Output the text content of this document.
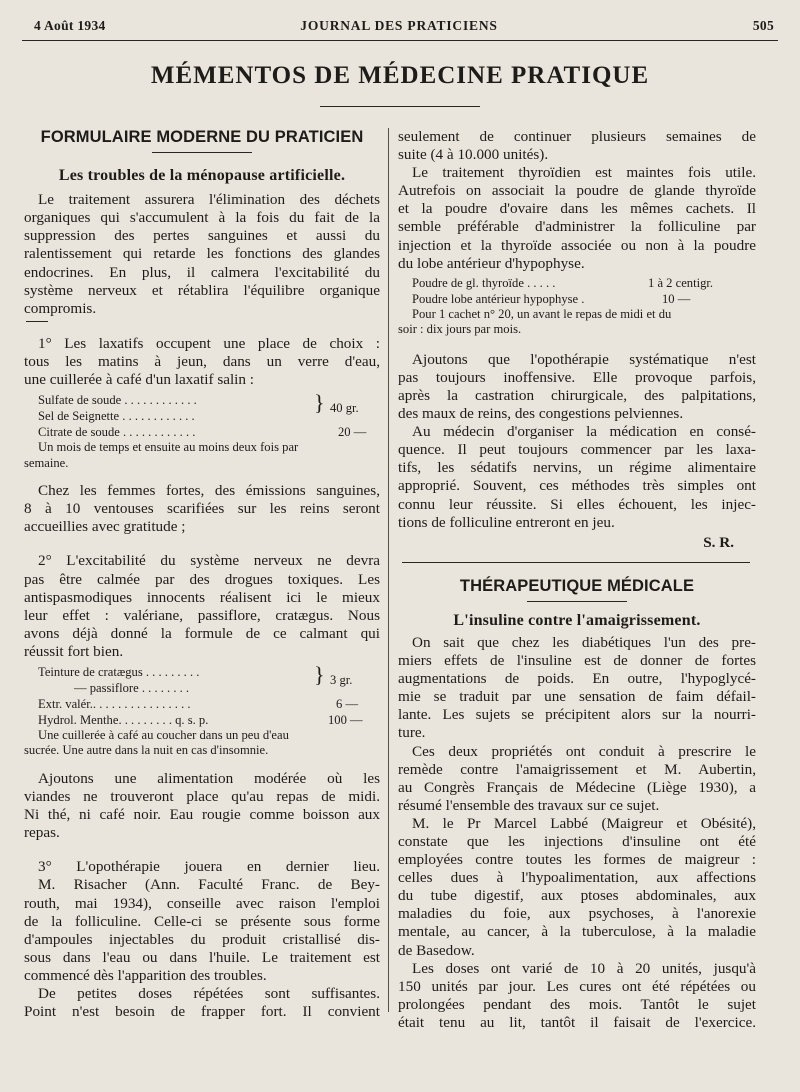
4 Août 1934	JOURNAL DES PRATICIENS	505
MÉMENTOS DE MÉDECINE PRATIQUE
FORMULAIRE MODERNE DU PRATICIEN
Les troubles de la ménopause artificielle.
Le traitement assurera l'élimination des déchets
organiques qui s'accumulent à la fois du fait de la
suppression des pertes sanguines et aussi du
ralentissement qui retarde les fonctions des glandes
endocrines. En plus, il calmera l'excitabilité du
système nerveux et rétablira l'équilibre organique
compromis.
1° Les laxatifs occupent une place de choix :
tous les matins à jeun, dans un verre d'eau,
une cuillerée à café d'un laxatif salin :
Sulfate de soude . . . . . . . . . . . .
Sel de Seignette . . . . . . . . . . . .
} 40 gr.
Citrate de soude . . . . . . . . . . . .	20 —
Un mois de temps et ensuite au moins deux fois par
semaine.
Chez les femmes fortes, des émissions sanguines,
8 à 10 ventouses scarifiées sur les reins seront
accueillies avec gratitude ;
2° L'excitabilité du système nerveux ne devra
pas être calmée par des drogues toxiques. Les
antispasmodiques innocents réalisent ici le mieux
leur effet : valériane, passiflore, cratægus. Nous
avons déjà donné la formule de ce calmant qui
réussit fort bien.
Teinture de cratægus . . . . . . . . .
— passiflore . . . . . . . .
} 3 gr.
Extr. valér.. . . . . . . . . . . . . . . .	6 —
Hydrol. Menthe. . . . . . . . . q. s. p.	100 —
Une cuillerée à café au coucher dans un peu d'eau
sucrée. Une autre dans la nuit en cas d'insomnie.
Ajoutons une alimentation modérée où les
viandes ne trouveront place qu'au repas de midi.
Ni thé, ni café noir. Eau rougie comme boisson aux
repas.
3° L'opothérapie jouera en dernier lieu.
M. Risacher (Ann. Faculté Franc. de Bey-
routh, mai 1934), conseille avec raison l'emploi
de la folliculine. Celle-ci se présente sous forme
d'ampoules injectables du produit cristallisé dis-
sous dans l'eau ou dans l'huile. Le traitement est
commencé dès l'apparition des troubles.
De petites doses répétées sont suffisantes.
Point n'est besoin de frapper fort. Il convient
seulement de continuer plusieurs semaines de
suite (4 à 10.000 unités).
Le traitement thyroïdien est maintes fois utile.
Autrefois on associait la poudre de glande thyroïde
et la poudre d'ovaire dans les mêmes cachets. Il
semble préférable d'administrer la folliculine par
injection et la thyroïde associée ou non à la poudre
du lobe antérieur d'hypophyse.
Poudre de gl. thyroïde . . . . .	1 à 2 centigr.
Poudre lobe antérieur hypophyse .	10 —
Pour 1 cachet n° 20, un avant le repas de midi et du
soir : dix jours par mois.
Ajoutons que l'opothérapie systématique n'est
pas toujours inoffensive. Elle provoque parfois,
après la castration chirurgicale, des palpitations,
des maux de reins, des congestions pelviennes.
Au médecin d'organiser la médication en consé-
quence. Il peut toujours commencer par les laxa-
tifs, les sédatifs nervins, un régime alimentaire
approprié. Souvent, ces méthodes très simples ont
connu leur réussite. Si elles échouent, les injec-
tions de folliculine entreront en jeu.

S. R.

THÉRAPEUTIQUE MÉDICALE
L'insuline contre l'amaigrissement.
On sait que chez les diabétiques l'un des pre-
miers effets de l'insuline est de donner de fortes
augmentations de poids. En outre, l'hypoglycé-
mie se traduit par une sensation de faim défail-
lante. Les sujets se précipitent alors sur la nourri-
ture.
Ces deux propriétés ont conduit à prescrire le
remède contre l'amaigrissement et M. Aubertin,
au Congrès Français de Médecine (Liège 1930), a
résumé l'ensemble des travaux sur ce sujet.
M. le Pr Marcel Labbé (Maigreur et Obésité),
constate que les injections d'insuline ont été
employées contre toutes les formes de maigreur :
celles dues à l'hypoalimentation, aux affections
du tube digestif, aux ptoses abdominales, aux
maladies du foie, aux psychoses, à l'anorexie
mentale, au cancer, à la tuberculose, à la maladie
de Basedow.
Les doses ont varié de 10 à 20 unités, jusqu'à
150 unités par jour. Les cures ont été répétées ou
prolongées pendant des mois. Tantôt le sujet
était tenu au lit, tantôt il faisait de l'exercice.
